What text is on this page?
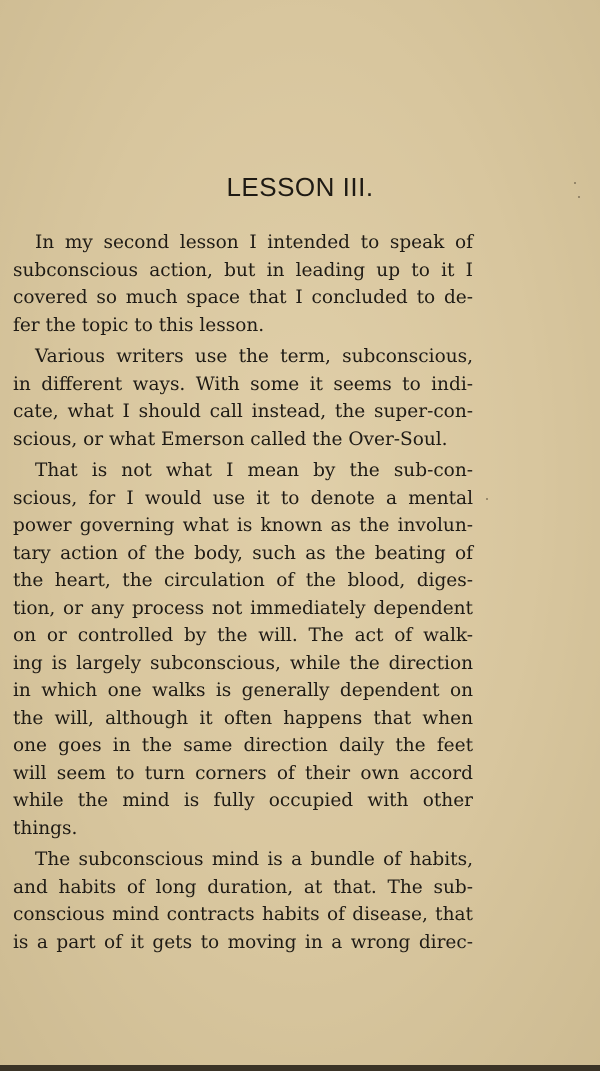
LESSON III.
In my second lesson I intended to speak of
subconscious action, but in leading up to it I
covered so much space that I concluded to de-
fer the topic to this lesson.
Various writers use the term, subconscious,
in different ways. With some it seems to indi-
cate, what I should call instead, the super-con-
scious, or what Emerson called the Over-Soul.
That is not what I mean by the sub-con-
scious, for I would use it to denote a mental
power governing what is known as the involun-
tary action of the body, such as the beating of
the heart, the circulation of the blood, diges-
tion, or any process not immediately dependent
on or controlled by the will. The act of walk-
ing is largely subconscious, while the direction
in which one walks is generally dependent on
the will, although it often happens that when
one goes in the same direction daily the feet
will seem to turn corners of their own accord
while the mind is fully occupied with other
things.
The subconscious mind is a bundle of habits,
and habits of long duration, at that. The sub-
conscious mind contracts habits of disease, that
is a part of it gets to moving in a wrong direc-
